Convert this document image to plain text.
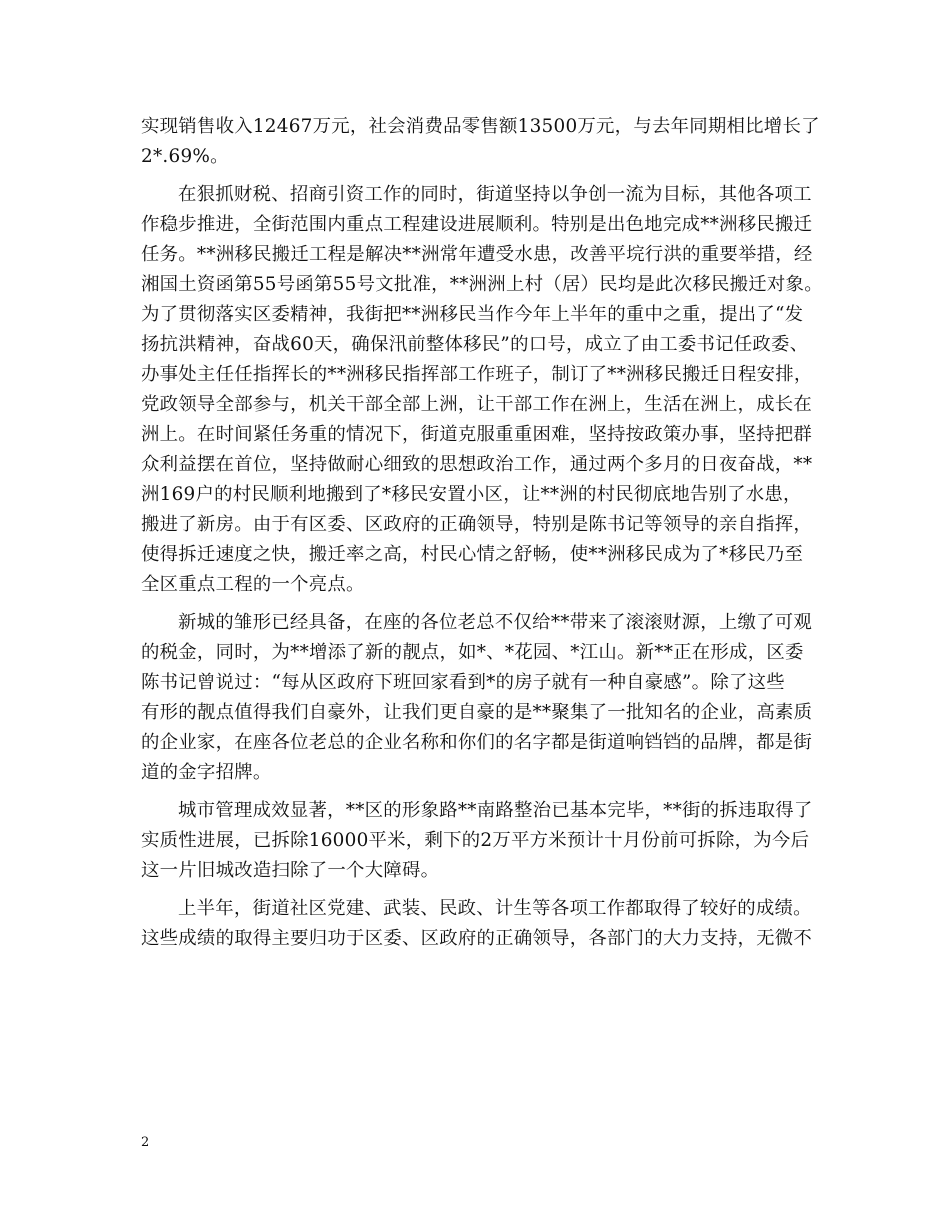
实现销售收入12467万元，社会消费品零售额13500万元，与去年同期相比增长了
2*.69%。
在狠抓财税、招商引资工作的同时，街道坚持以争创一流为目标，其他各项工
作稳步推进，全街范围内重点工程建设进展顺利。特别是出色地完成**洲移民搬迁
任务。**洲移民搬迁工程是解决**洲常年遭受水患，改善平垸行洪的重要举措，经
湘国土资函第55号函第55号文批准，**洲洲上村（居）民均是此次移民搬迁对象。
为了贯彻落实区委精神，我街把**洲移民当作今年上半年的重中之重，提出了“发
扬抗洪精神，奋战60天，确保汛前整体移民”的口号，成立了由工委书记任政委、
办事处主任任指挥长的**洲移民指挥部工作班子，制订了**洲移民搬迁日程安排，
党政领导全部参与，机关干部全部上洲，让干部工作在洲上，生活在洲上，成长在
洲上。在时间紧任务重的情况下，街道克服重重困难，坚持按政策办事，坚持把群
众利益摆在首位，坚持做耐心细致的思想政治工作，通过两个多月的日夜奋战，**
洲169户的村民顺利地搬到了*移民安置小区，让**洲的村民彻底地告别了水患，
搬进了新房。由于有区委、区政府的正确领导，特别是陈书记等领导的亲自指挥，
使得拆迁速度之快，搬迁率之高，村民心情之舒畅，使**洲移民成为了*移民乃至
全区重点工程的一个亮点。
新城的雏形已经具备，在座的各位老总不仅给**带来了滚滚财源，上缴了可观
的税金，同时，为**增添了新的靓点，如*、*花园、*江山。新**正在形成，区委
陈书记曾说过：“每从区政府下班回家看到*的房子就有一种自豪感”。除了这些
有形的靓点值得我们自豪外，让我们更自豪的是**聚集了一批知名的企业，高素质
的企业家，在座各位老总的企业名称和你们的名字都是街道响铛铛的品牌，都是街
道的金字招牌。
城市管理成效显著，**区的形象路**南路整治已基本完毕，**街的拆违取得了
实质性进展，已拆除16000平米，剩下的2万平方米预计十月份前可拆除，为今后
这一片旧城改造扫除了一个大障碍。
上半年，街道社区党建、武装、民政、计生等各项工作都取得了较好的成绩。
这些成绩的取得主要归功于区委、区政府的正确领导，各部门的大力支持，无微不
2
